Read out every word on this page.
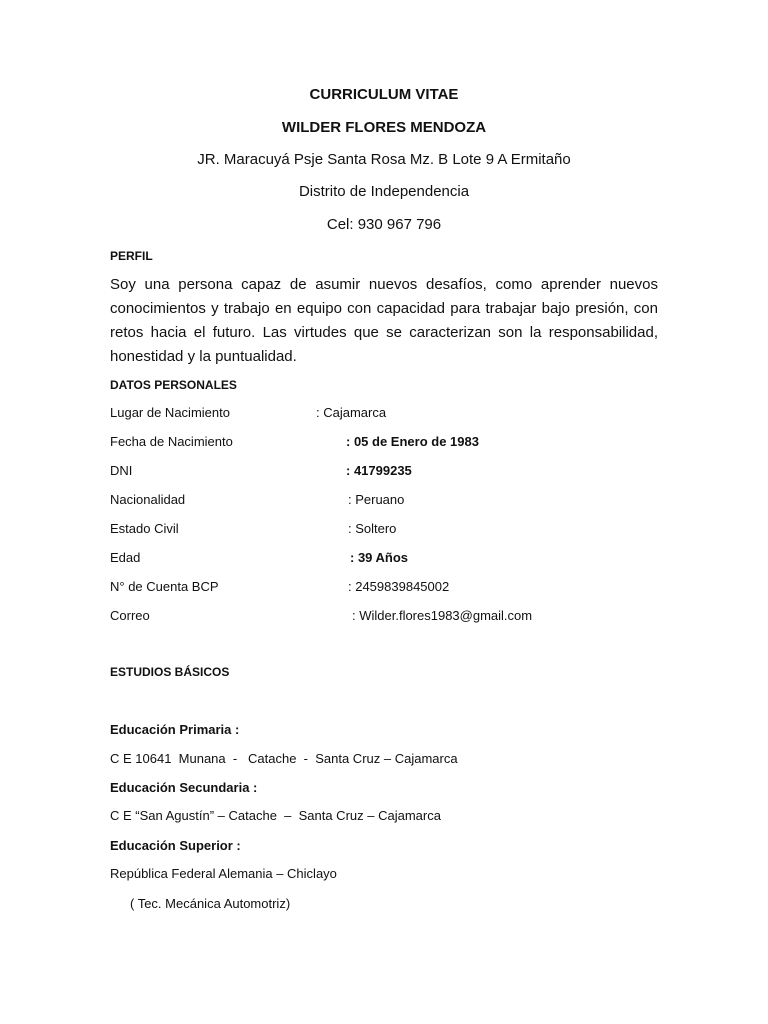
CURRICULUM VITAE
WILDER FLORES MENDOZA
JR. Maracuyá Psje Santa Rosa Mz. B Lote 9 A Ermitaño
Distrito de Independencia
Cel: 930 967 796
PERFIL
Soy una persona capaz de asumir nuevos desafíos, como aprender nuevos conocimientos y trabajo en equipo con capacidad para trabajar bajo presión, con retos hacia el futuro. Las virtudes que se caracterizan son la responsabilidad, honestidad y la puntualidad.
DATOS PERSONALES
Lugar de Nacimiento	: Cajamarca
Fecha de Nacimiento	: 05 de Enero de 1983
DNI	: 41799235
Nacionalidad	: Peruano
Estado Civil	: Soltero
Edad	: 39 Años
N° de Cuenta BCP	: 2459839845002
Correo	: Wilder.flores1983@gmail.com
ESTUDIOS BÁSICOS
Educación Primaria :
C E 10641  Munana  -   Catache  -  Santa Cruz – Cajamarca
Educación Secundaria :
C E “San Agustín” – Catache  –  Santa Cruz – Cajamarca
Educación Superior :
República Federal Alemania – Chiclayo
( Tec. Mecánica Automotriz)
